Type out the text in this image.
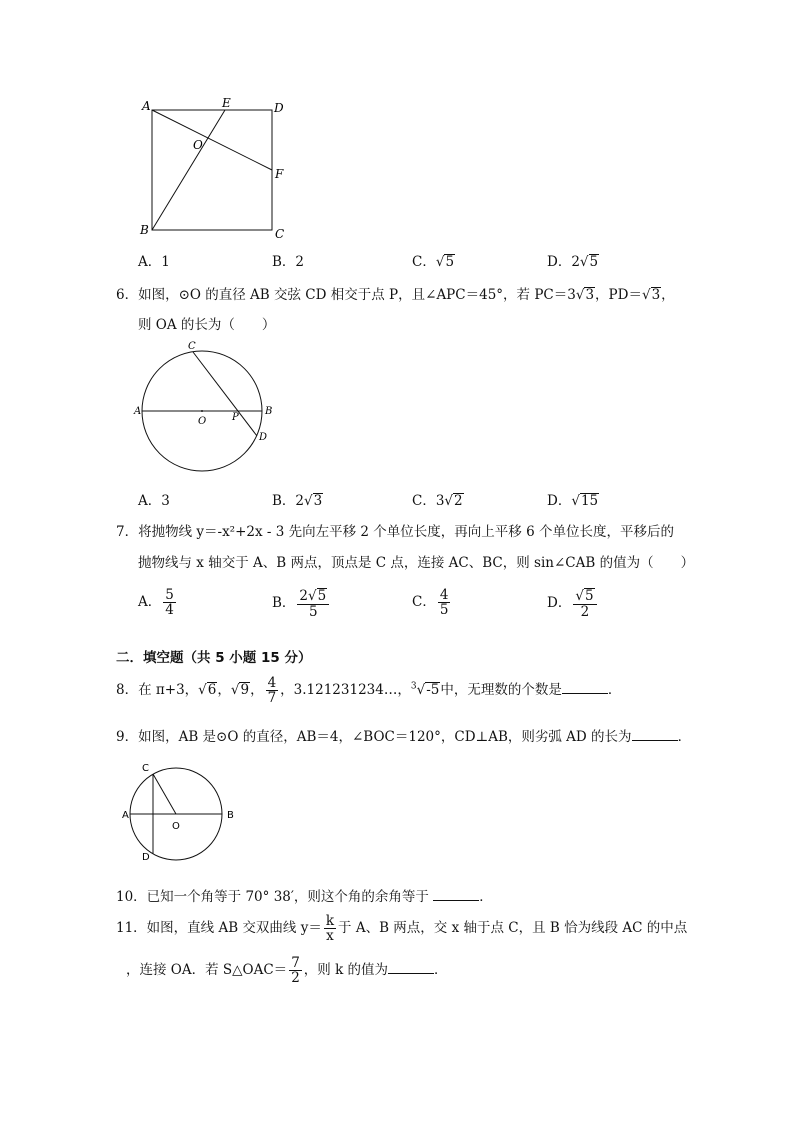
A	E	D
O
F
B	C
A．1	B．2	C．√5	D．2√5
6．如图，⊙O 的直径 AB 交弦 CD 相交于点 P，且∠APC＝45°，若 PC＝3√3，PD＝√3，
则 OA 的长为（　　）
C
A
O	P
B
D
A．3	B．2√3	C．3√2	D．√15
7．将抛物线 y＝-x²+2x - 3 先向左平移 2 个单位长度，再向上平移 6 个单位长度，平移后的
抛物线与 x 轴交于 A、B 两点，顶点是 C 点，连接 AC、BC，则 sin∠CAB 的值为（　　）
A． $\frac{5}{4}$	B． $\frac{2√5}{5}$	C． $\frac{4}{5}$	D． $\frac{√5}{2}$
二．填空题（共 5 小题 15 分）
8．在 π+3，√6，√9， $\frac{4}{7}$ ，3.121231234…，$^3$√-5中，无理数的个数是	．
9．如图，AB 是⊙O 的直径，AB＝4，∠BOC＝120°，CD⊥AB，则劣弧 AD 的长为	．
C
A
O
B
D
10．已知一个角等于 70° 38′，则这个角的余角等于	．
11．如图，直线 AB 交双曲线 $y= \frac{k}{x}$ 于 A、B 两点，交 x 轴于点 C，且 B 恰为线段 AC 的中点
，连接 OA．若 S△OAC＝ $\frac{7}{2}$ ，则 k 的值为	．
